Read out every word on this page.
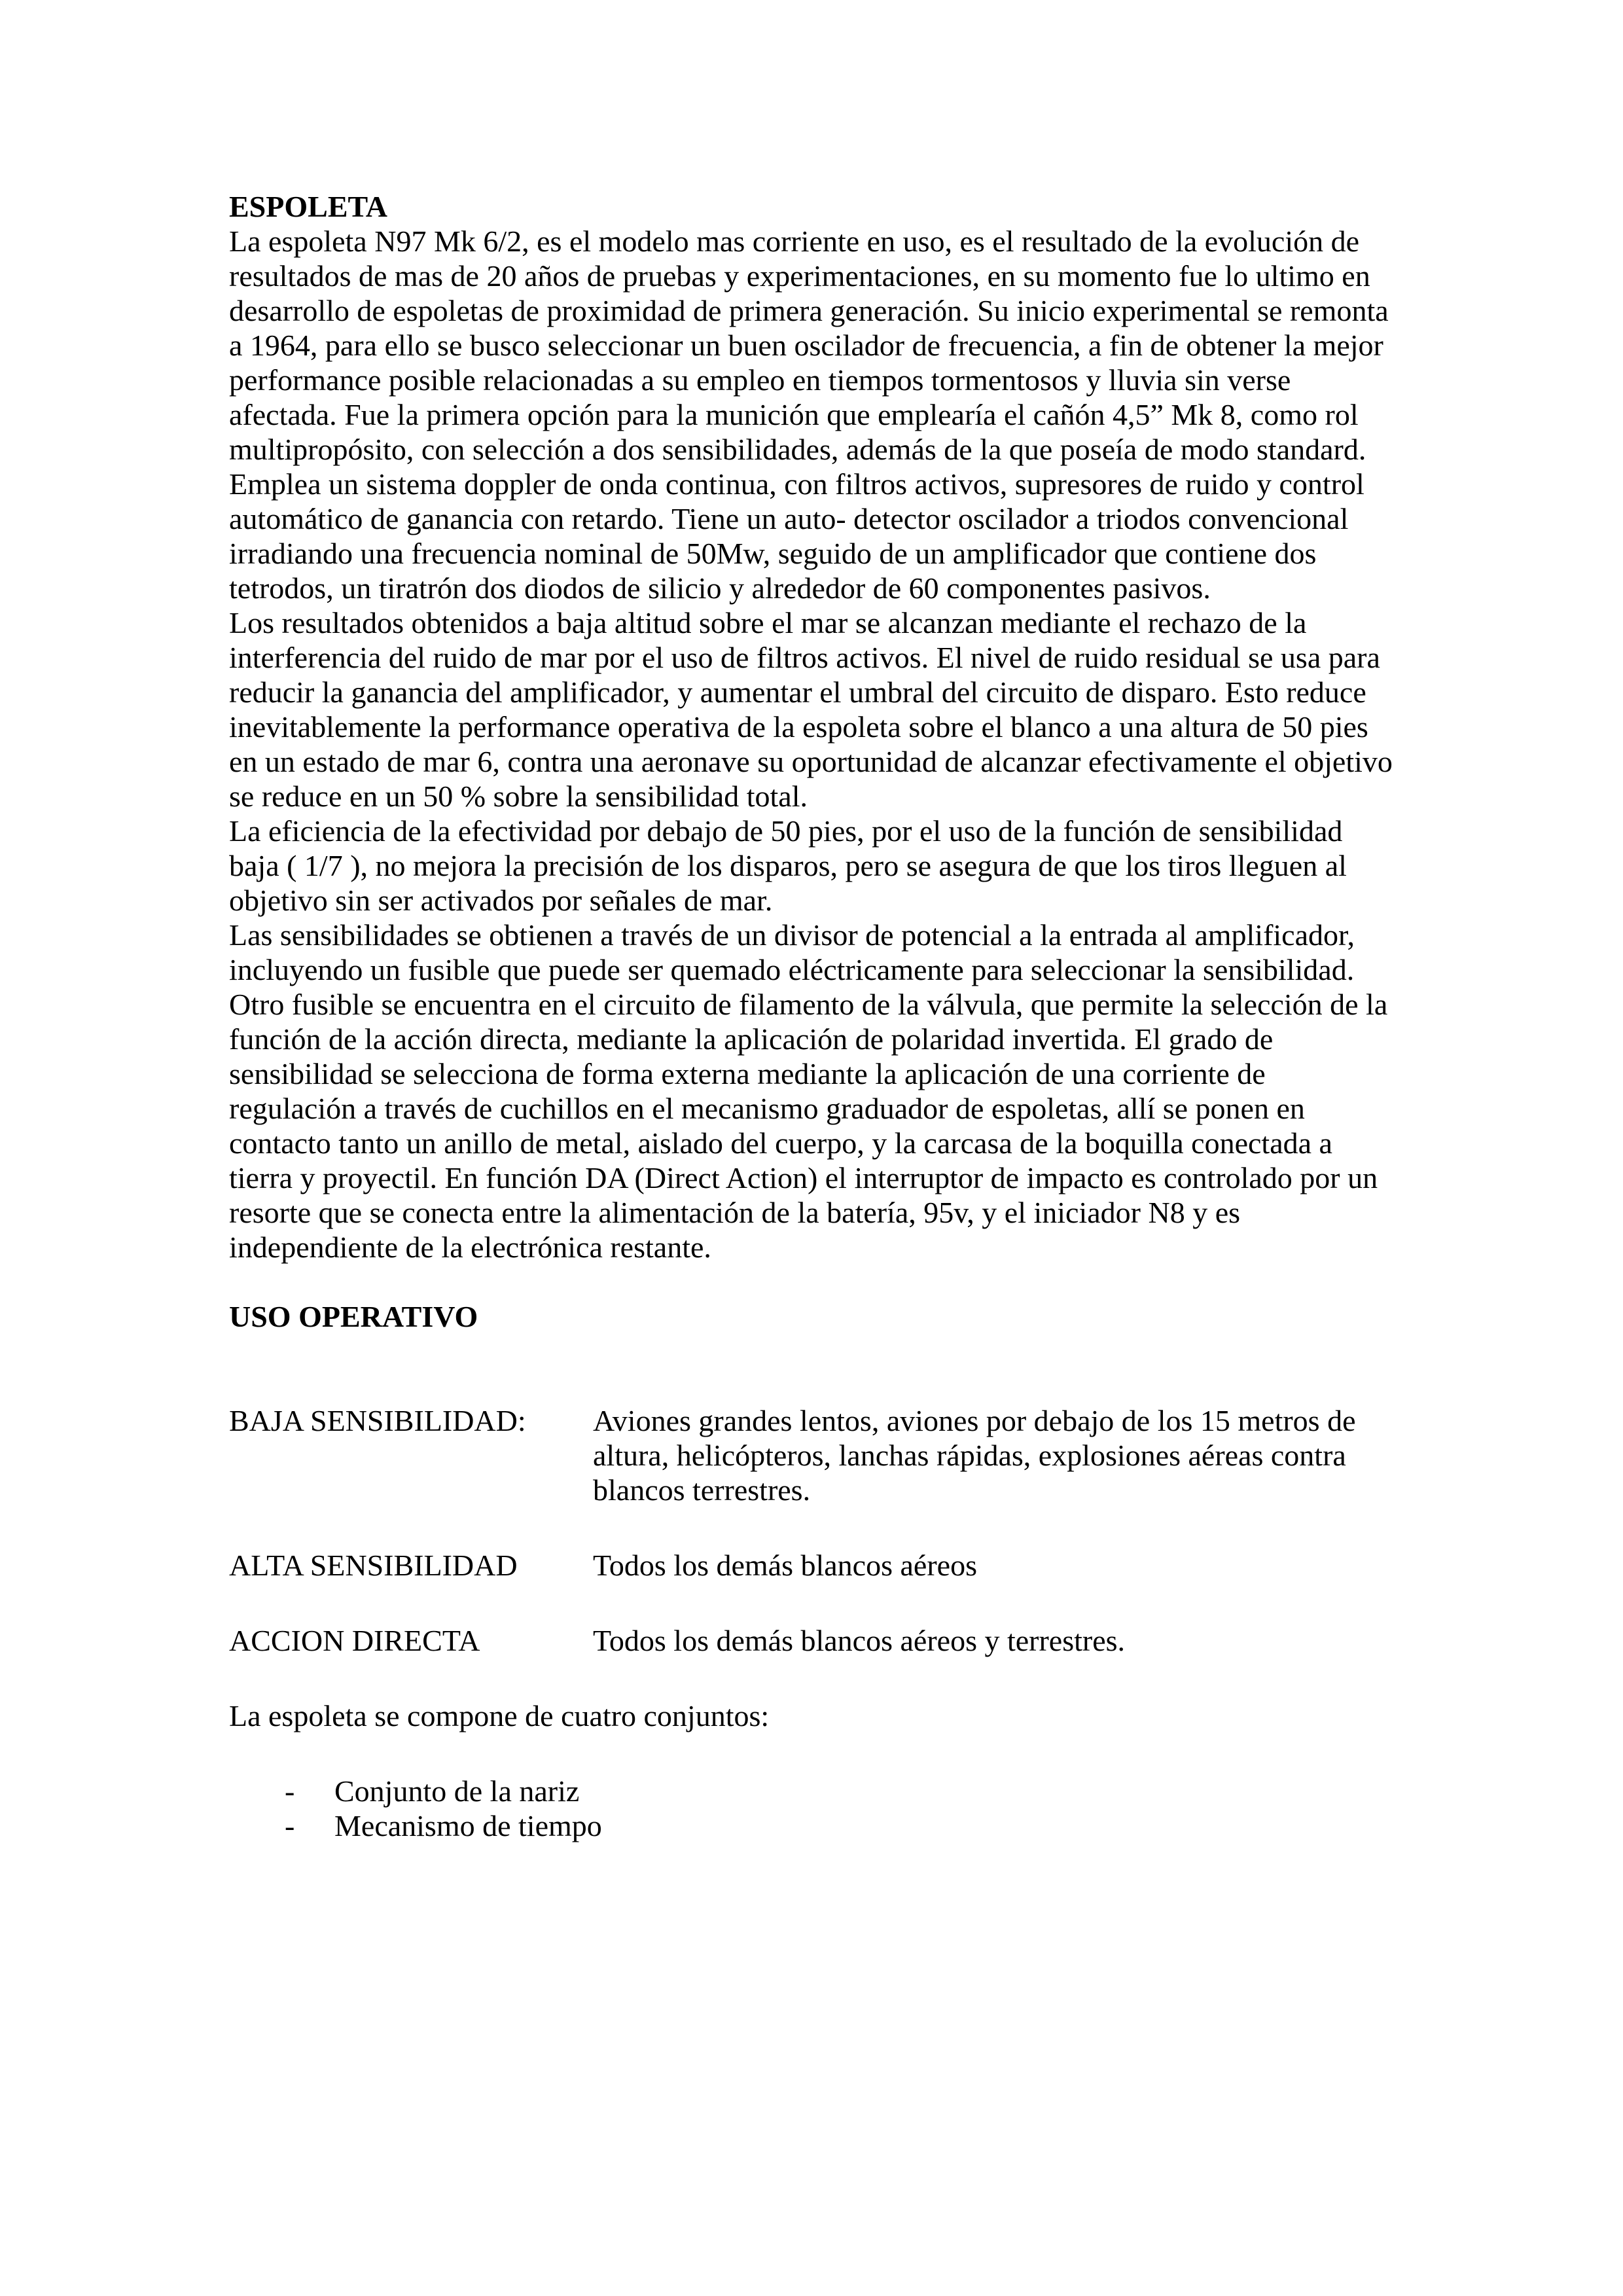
ESPOLETA

La espoleta N97 Mk 6/2, es el modelo mas corriente en uso, es el resultado de la evolución de resultados de mas de 20 años de pruebas y experimentaciones, en su momento fue lo ultimo en desarrollo de espoletas de proximidad de primera generación. Su inicio experimental se remonta a 1964, para ello se busco seleccionar un buen oscilador de frecuencia, a fin de obtener la mejor performance posible relacionadas a su empleo en tiempos tormentosos y lluvia sin verse afectada. Fue la primera opción para la munición que emplearía el cañón 4,5” Mk 8, como rol multipropósito, con selección a dos sensibilidades, además de la que poseía de modo standard.

Emplea un sistema doppler de onda continua, con filtros activos, supresores de ruido y control automático de ganancia con retardo. Tiene un auto- detector oscilador a triodos convencional irradiando una frecuencia nominal de 50Mw, seguido de un amplificador que contiene dos tetrodos, un tiratrón dos diodos de silicio y alrededor de 60 componentes pasivos.

Los resultados obtenidos a baja altitud sobre el mar se alcanzan mediante el rechazo de la interferencia del ruido de mar por el uso de filtros activos. El nivel de ruido residual se usa para reducir la ganancia del amplificador, y aumentar el umbral del circuito de disparo. Esto reduce inevitablemente la performance operativa de la espoleta sobre el blanco a una altura de 50 pies en un estado de mar 6, contra una aeronave su oportunidad de alcanzar efectivamente el objetivo se reduce en un 50 % sobre la sensibilidad total.

La eficiencia de la efectividad por debajo de 50 pies, por el uso de la función de sensibilidad baja ( 1/7 ), no mejora la precisión de los disparos, pero se asegura de que los tiros lleguen al objetivo sin ser activados por señales de mar.

Las sensibilidades se obtienen a través de un divisor de potencial a la entrada al amplificador, incluyendo un fusible que puede ser quemado eléctricamente para seleccionar la sensibilidad. Otro fusible se encuentra en el circuito de filamento de la válvula, que permite la selección de la función de la acción directa, mediante la aplicación de polaridad invertida. El grado de sensibilidad se selecciona de forma externa mediante la aplicación de una corriente de regulación a través de cuchillos en el mecanismo graduador de espoletas, allí se ponen en contacto tanto un anillo de metal, aislado del cuerpo, y la carcasa de la boquilla conectada a tierra y proyectil. En función DA (Direct Action) el interruptor de impacto es controlado por un resorte que se conecta entre la alimentación de la batería, 95v, y el iniciador N8 y es independiente de la electrónica restante.

USO OPERATIVO
BAJA SENSIBILIDAD:	Aviones grandes lentos, aviones por debajo de los 15 metros de altura, helicópteros, lanchas rápidas, explosiones aéreas contra blancos terrestres.
ALTA SENSIBILIDAD	Todos los demás blancos aéreos
ACCION DIRECTA	Todos los demás blancos aéreos y terrestres.

La espoleta se compone de cuatro conjuntos:

-	Conjunto de la nariz
-	Mecanismo de tiempo
